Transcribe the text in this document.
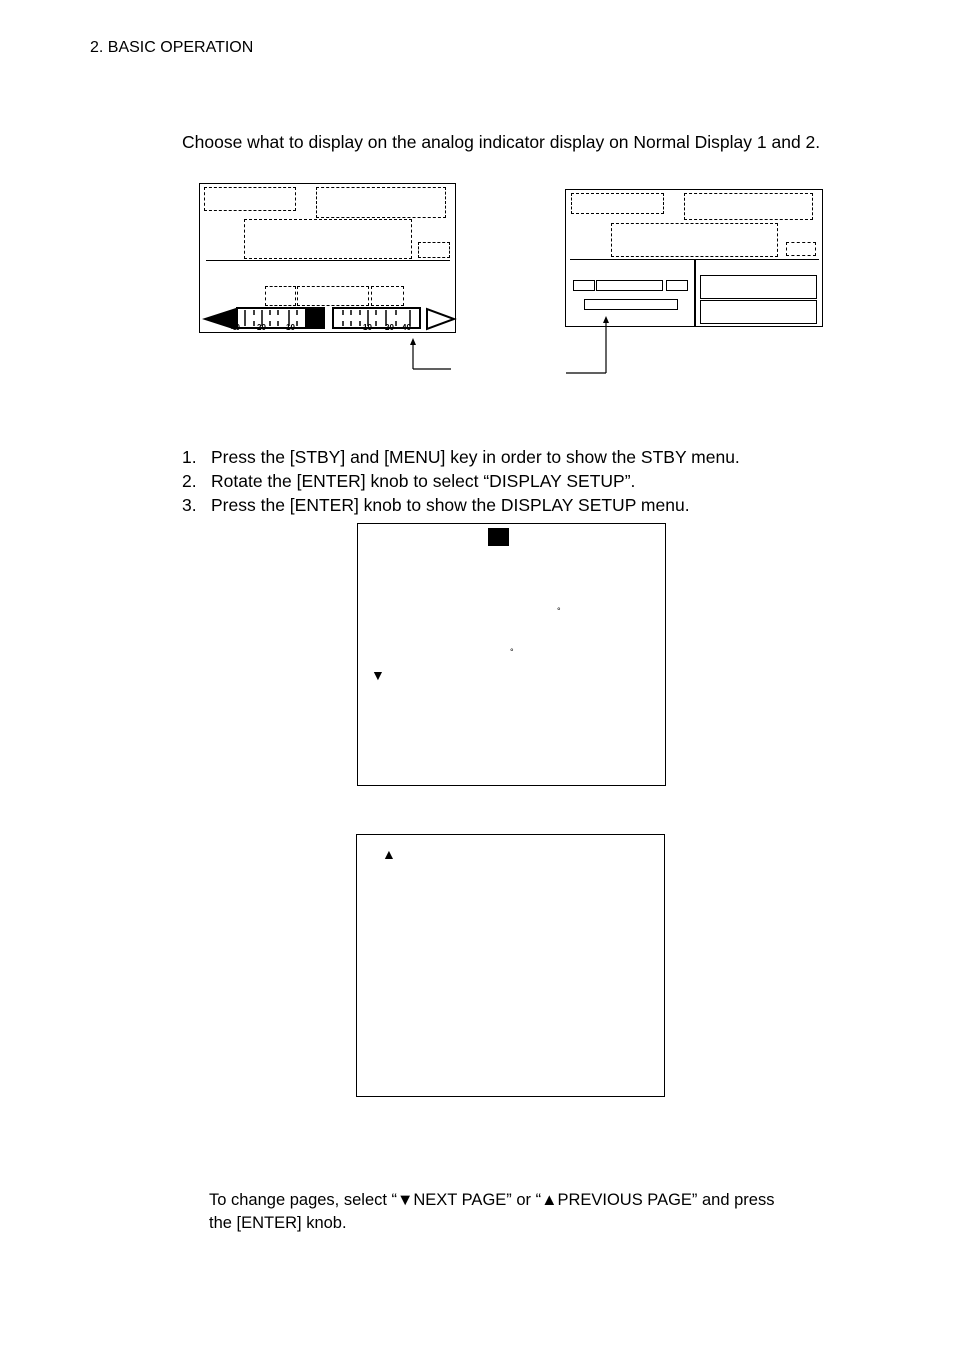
2. BASIC OPERATION
Choose what to display on the analog indicator display on Normal Display 1 and 2.
40 20	10	10 20 40
1. Press the [STBY] and [MENU] key in order to show the STBY menu.
2. Rotate the [ENTER] knob to select “DISPLAY SETUP”.
3. Press the [ENTER] knob to show the DISPLAY SETUP menu.
°
°
▼
▲
To change pages, select “▼NEXT PAGE” or “▲PREVIOUS PAGE” and press
the [ENTER] knob.
